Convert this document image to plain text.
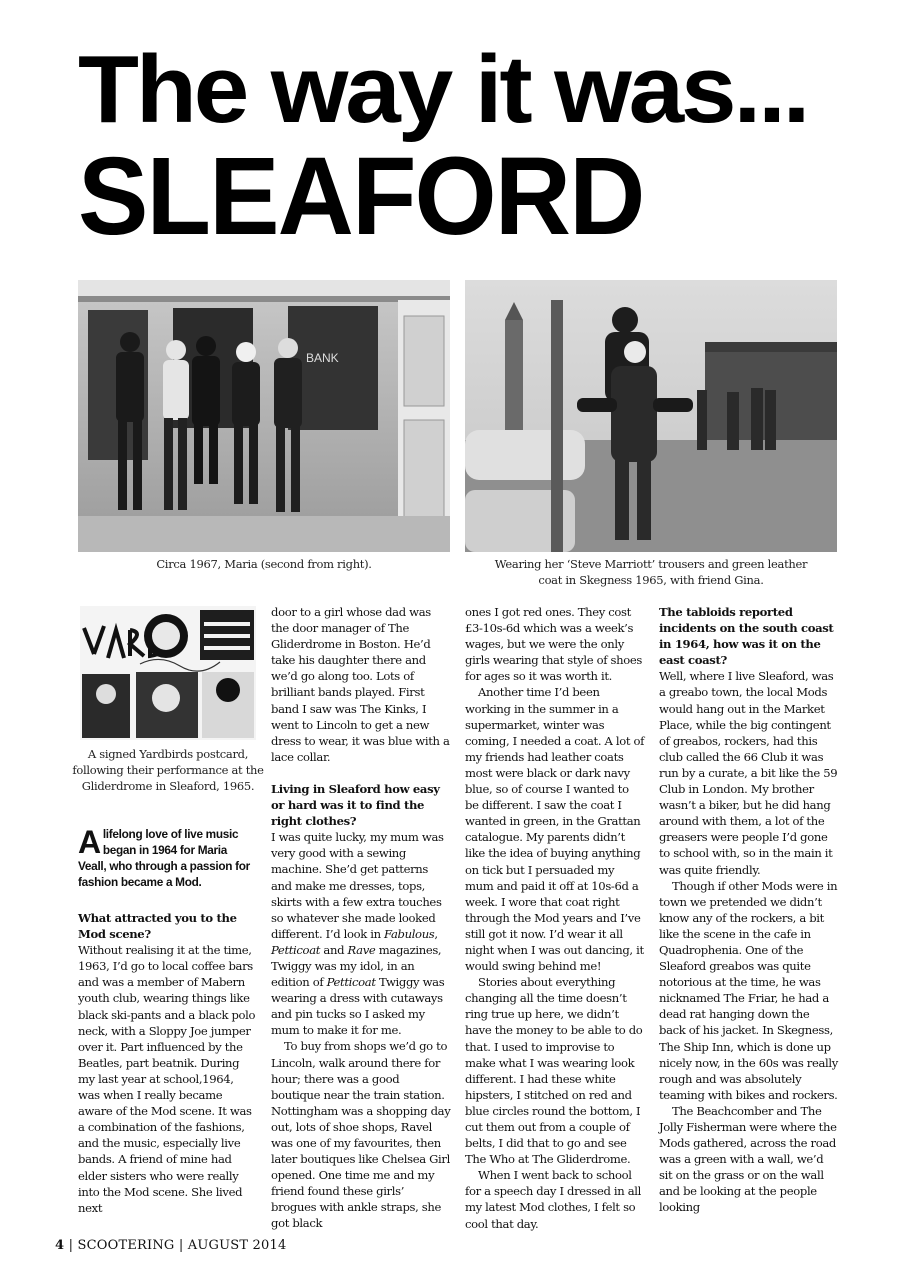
The way it was...
SLEAFORD
BANK
Circa 1967, Maria (second from right).	Wearing her ‘Steve Marriott’ trousers and green leather
coat in Skegness 1965, with friend Gina.
A signed Yardbirds postcard,
following their performance at the
Gliderdrome in Sleaford, 1965.
Alifelong love of live music began in 1964 for Maria Veall, who through a passion for fashion became a Mod.

What attracted you to the Mod scene?

Without realising it at the time, 1963, I’d go to local coffee bars and was a member of Mabern youth club, wearing things like black ski-pants and a black polo neck, with a Sloppy Joe jumper over it. Part influenced by the Beatles, part beatnik. During my last year at school,1964, was when I really became aware of the Mod scene. It was a combination of the fashions, and the music, especially live bands. A friend of mine had elder sisters who were really into the Mod scene. She lived next

door to a girl whose dad was the door manager of The Gliderdrome in Boston. He’d take his daughter there and we’d go along too. Lots of brilliant bands played. First band I saw was The Kinks, I went to Lincoln to get a new dress to wear, it was blue with a lace collar.

Living in Sleaford how easy or hard was it to find the right clothes?

I was quite lucky, my mum was very good with a sewing machine. She’d get patterns and make me dresses, tops, skirts with a few extra touches so whatever she made looked different. I’d look in Fabulous, Petticoat and Rave magazines, Twiggy was my idol, in an edition of Petticoat Twiggy was wearing a dress with cutaways and pin tucks so I asked my mum to make it for me.

To buy from shops we’d go to Lincoln, walk around there for hour; there was a good boutique near the train station. Nottingham was a shopping day out, lots of shoe shops, Ravel was one of my favourites, then later boutiques like Chelsea Girl opened. One time me and my friend found these girls’ brogues with ankle straps, she got black

ones I got red ones. They cost £3-10s-6d which was a week’s wages, but we were the only girls wearing that style of shoes for ages so it was worth it.

Another time I’d been working in the summer in a supermarket, winter was coming, I needed a coat. A lot of my friends had leather coats most were black or dark navy blue, so of course I wanted to be different. I saw the coat I wanted in green, in the Grattan catalogue. My parents didn’t like the idea of buying anything on tick but I persuaded my mum and paid it off at 10s-6d a week. I wore that coat right through the Mod years and I’ve still got it now. I’d wear it all night when I was out dancing, it would swing behind me!

Stories about everything changing all the time doesn’t ring true up here, we didn’t have the money to be able to do that. I used to improvise to make what I was wearing look different. I had these white hipsters, I stitched on red and blue circles round the bottom, I cut them out from a couple of belts, I did that to go and see The Who at The Gliderdrome.

When I went back to school for a speech day I dressed in all my latest Mod clothes, I felt so cool that day.

The tabloids reported incidents on the south coast in 1964, how was it on the east coast?

Well, where I live Sleaford, was a greabo town, the local Mods would hang out in the Market Place, while the big contingent of greabos, rockers, had this club called the 66 Club it was run by a curate, a bit like the 59 Club in London. My brother wasn’t a biker, but he did hang around with them, a lot of the greasers were people I’d gone to school with, so in the main it was quite friendly.

Though if other Mods were in town we pretended we didn’t know any of the rockers, a bit like the scene in the cafe in Quadrophenia. One of the Sleaford greabos was quite notorious at the time, he was nicknamed The Friar, he had a dead rat hanging down the back of his jacket. In Skegness, The Ship Inn, which is done up nicely now, in the 60s was really rough and was absolutely teaming with bikes and rockers.

The Beachcomber and The Jolly Fisherman were where the Mods gathered, across the road was a green with a wall, we’d sit on the grass or on the wall and be looking at the people looking

4 | SCOOTERING | AUGUST 2014
